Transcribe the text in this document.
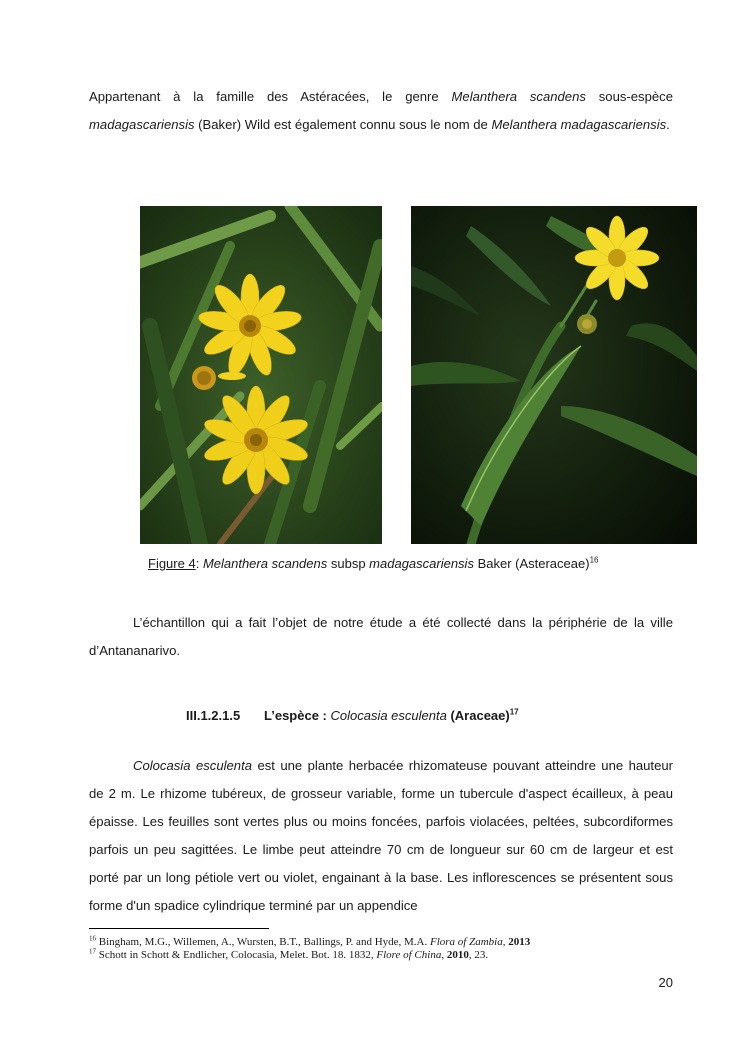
Appartenant à la famille des Astéracées, le genre Melanthera scandens sous-espèce madagascariensis (Baker) Wild est également connu sous le nom de Melanthera madagascariensis.

Figure 4: Melanthera scandens subsp madagascariensis Baker (Asteraceae)$^{16}$

L’échantillon qui a fait l’objet de notre étude a été collecté dans la périphérie de la ville d’Antananarivo.

III.1.2.1.5 L’espèce : Colocasia esculenta (Araceae)$^{17}$

Colocasia esculenta est une plante herbacée rhizomateuse pouvant atteindre une hauteur de 2 m. Le rhizome tubéreux, de grosseur variable, forme un tubercule d'aspect écailleux, à peau épaisse. Les feuilles sont vertes plus ou moins foncées, parfois violacées, peltées, subcordiformes parfois un peu sagittées. Le limbe peut atteindre 70 cm de longueur sur 60 cm de largeur et est porté par un long pétiole vert ou violet, engainant à la base. Les inflorescences se présentent sous forme d'un spadice cylindrique terminé par un appendice

$^{16}$ Bingham, M.G., Willemen, A., Wursten, B.T., Ballings, P. and Hyde, M.A. Flora of Zambia, 2013
$^{17}$ Schott in Schott & Endlicher, Colocasia, Melet. Bot. 18. 1832, Flore of China, 2010, 23.
20
